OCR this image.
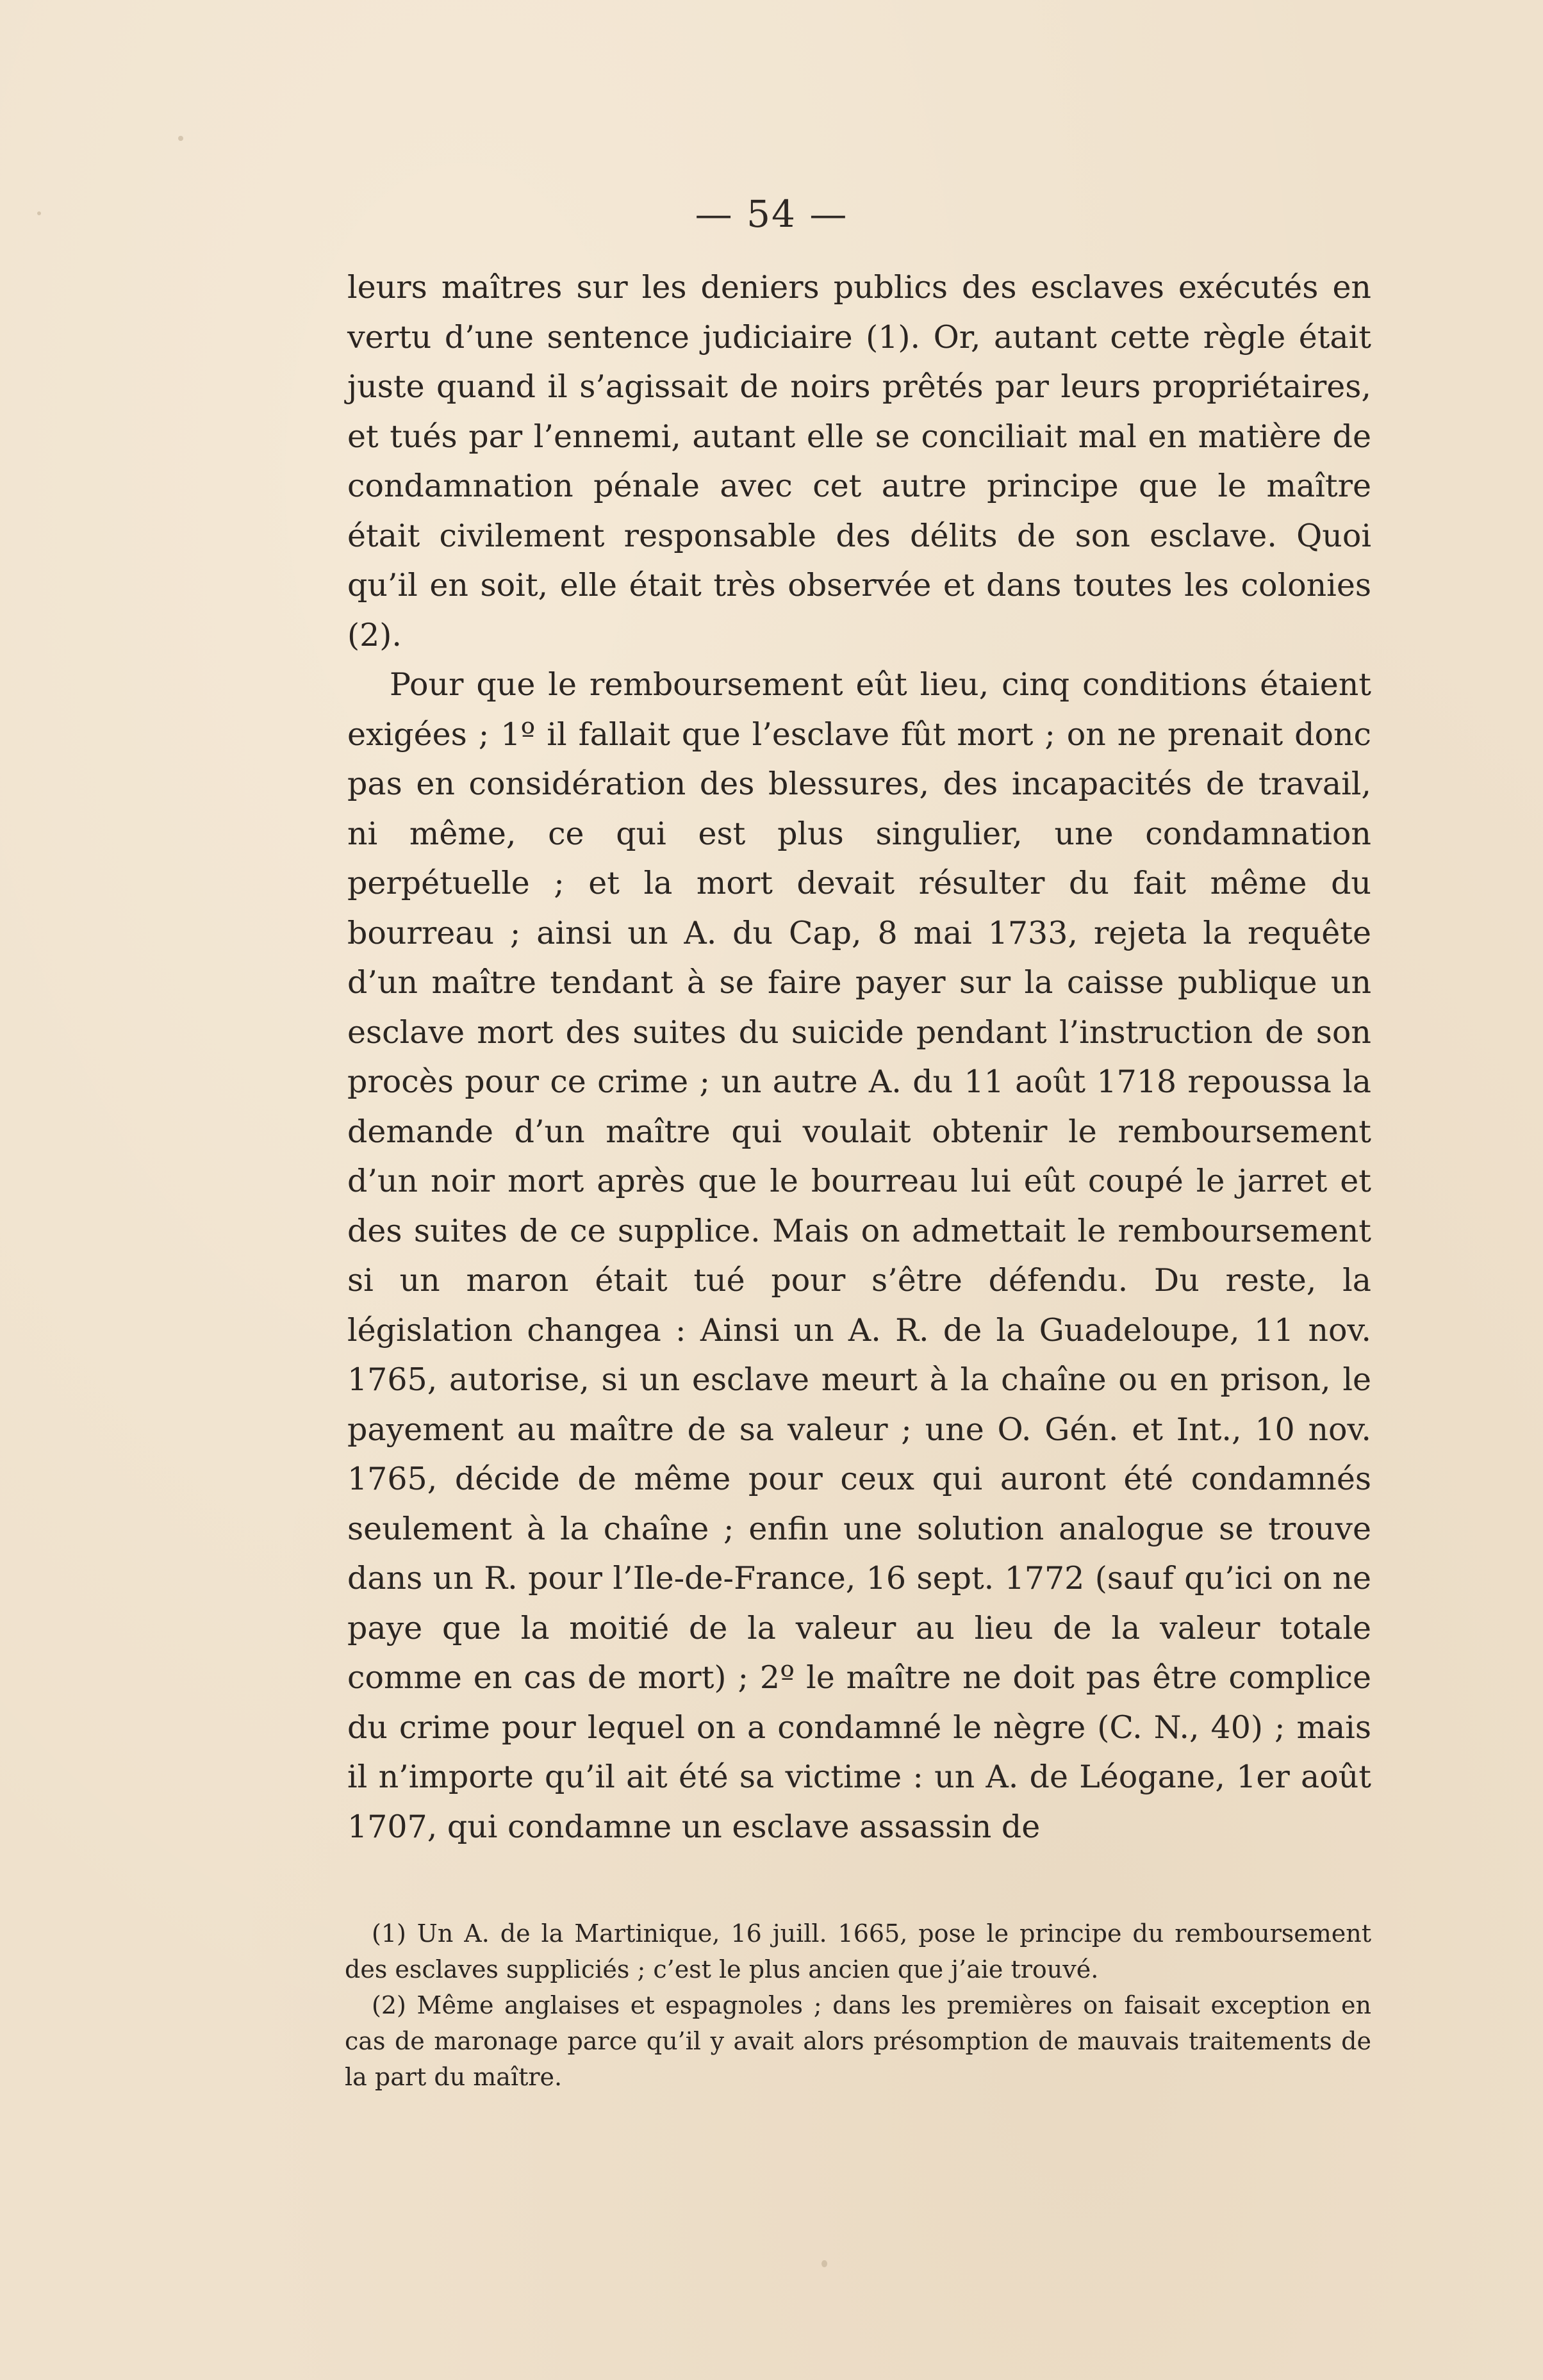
— 54 —

leurs maîtres sur les deniers publics des esclaves exécutés en vertu d’une sentence judiciaire (1). Or, autant cette règle était juste quand il s’agissait de noirs prêtés par leurs propriétaires, et tués par l’ennemi, autant elle se conciliait mal en matière de condamnation pénale avec cet autre principe que le maître était civilement responsable des délits de son esclave. Quoi qu’il en soit, elle était très observée et dans toutes les colonies (2).

Pour que le remboursement eût lieu, cinq conditions étaient exigées ; 1º il fallait que l’esclave fût mort ; on ne prenait donc pas en considération des blessures, des incapacités de travail, ni même, ce qui est plus singulier, une condamnation perpétuelle ; et la mort devait résulter du fait même du bourreau ; ainsi un A. du Cap, 8 mai 1733, rejeta la requête d’un maître tendant à se faire payer sur la caisse publique un esclave mort des suites du suicide pendant l’instruction de son procès pour ce crime ; un autre A. du 11 août 1718 repoussa la demande d’un maître qui voulait obtenir le remboursement d’un noir mort après que le bourreau lui eût coupé le jarret et des suites de ce supplice. Mais on admettait le remboursement si un maron était tué pour s’être défendu. Du reste, la législation changea : Ainsi un A. R. de la Guadeloupe, 11 nov. 1765, autorise, si un esclave meurt à la chaîne ou en prison, le payement au maître de sa valeur ; une O. Gén. et Int., 10 nov. 1765, décide de même pour ceux qui auront été condamnés seulement à la chaîne ; enfin une solution analogue se trouve dans un R. pour l’Ile-de-France, 16 sept. 1772 (sauf qu’ici on ne paye que la moitié de la valeur au lieu de la valeur totale comme en cas de mort) ; 2º le maître ne doit pas être complice du crime pour lequel on a condamné le nègre (C. N., 40) ; mais il n’importe qu’il ait été sa victime : un A. de Léogane, 1er août 1707, qui condamne un esclave assassin de

(1) Un A. de la Martinique, 16 juill. 1665, pose le principe du remboursement des esclaves suppliciés ; c’est le plus ancien que j’aie trouvé.

(2) Même anglaises et espagnoles ; dans les premières on faisait exception en cas de maronage parce qu’il y avait alors présomption de mauvais traitements de la part du maître.
